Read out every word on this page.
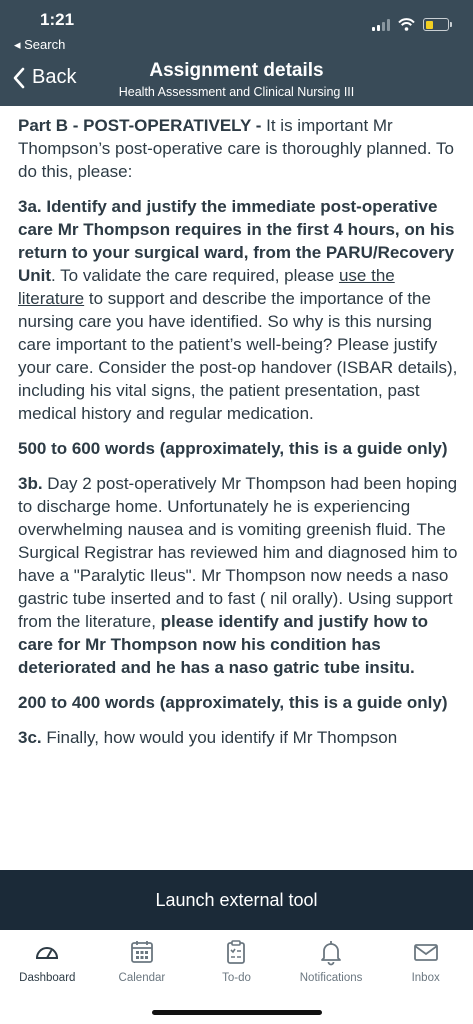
1:21
◂ Search
Back	Assignment details
Health Assessment and Clinical Nursing III

Part B - POST-OPERATIVELY - It is important Mr Thompson’s post-operative care is thoroughly planned. To do this, please:

3a. Identify and justify the immediate post-operative care Mr Thompson requires in the first 4 hours, on his return to your surgical ward, from the PARU/Recovery Unit. To validate the care required, please use the literature to support and describe the importance of the nursing care you have identified. So why is this nursing care important to the patient’s well-being? Please justify your care. Consider the post-op handover (ISBAR details), including his vital signs, the patient presentation, past medical history and regular medication.

500 to 600 words (approximately, this is a guide only)

3b. Day 2 post-operatively Mr Thompson had been hoping to discharge home. Unfortunately he is experiencing overwhelming nausea and is vomiting greenish fluid. The Surgical Registrar has reviewed him and diagnosed him to have a "Paralytic Ileus". Mr Thompson now needs a naso gastric tube inserted and to fast ( nil orally). Using support from the literature, please identify and justify how to care for Mr Thompson now his condition has deteriorated and he has a naso gatric tube insitu.

200 to 400 words (approximately, this is a guide only)

3c. Finally, how would you identify if Mr Thompson

Launch external tool
Dashboard	Calendar	To-do	Notifications	Inbox
